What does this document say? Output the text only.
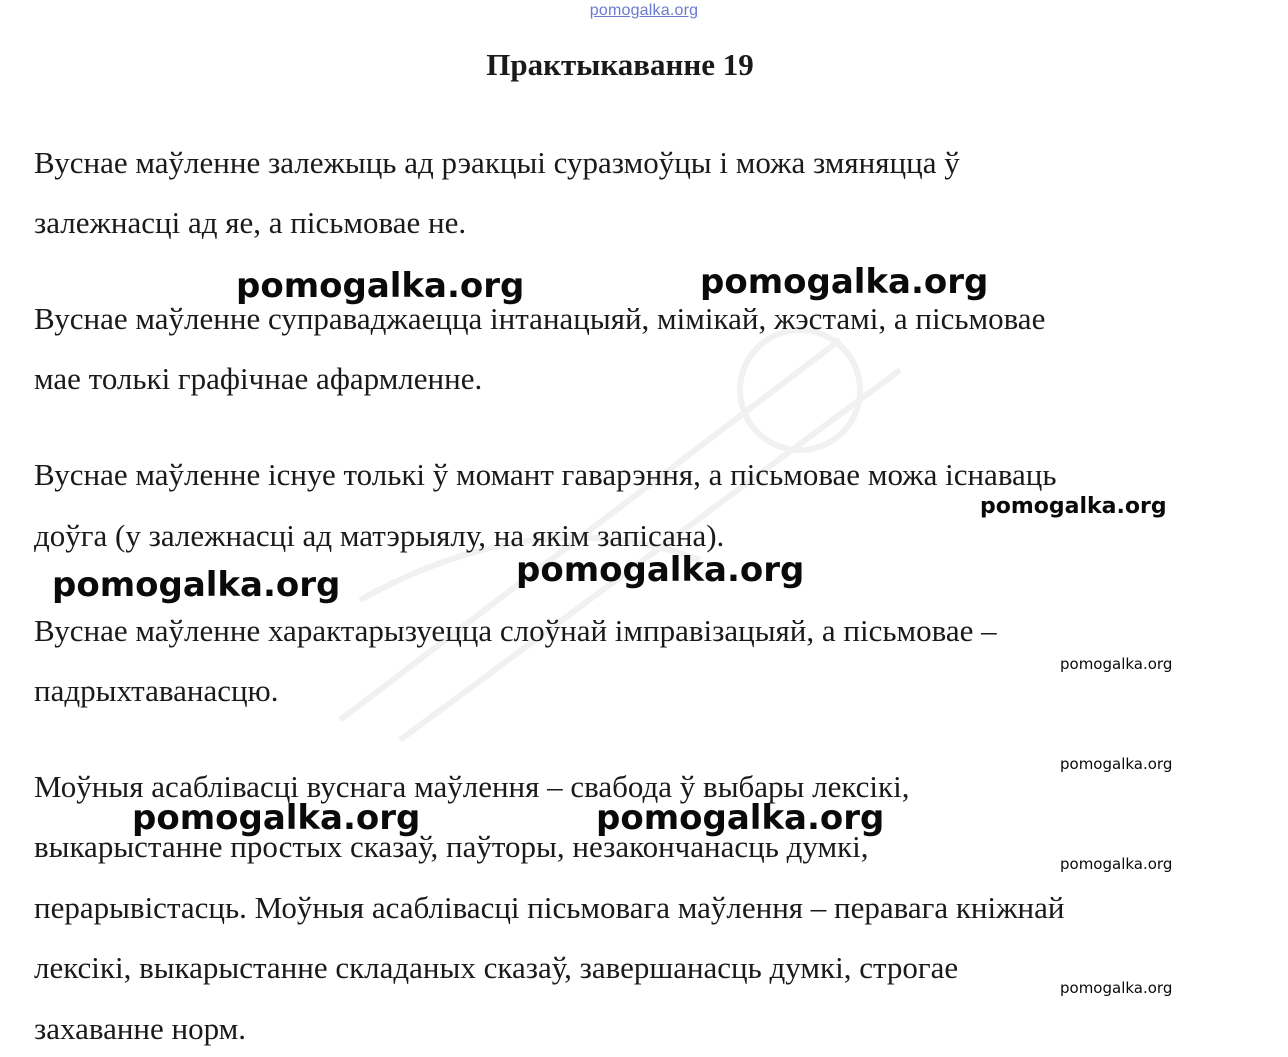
pomogalka.org
Практыкаванне 19

Вуснае маўленне залежыць ад рэакцыі суразмоўцы і можа змяняцца ў

залежнасці ад яе, а пісьмовае не.

Вуснае маўленне суправаджаецца інтанацыяй, мімікай, жэстамі, а пісьмовае

мае толькі графічнае афармленне.

Вуснае маўленне існуе толькі ў момант гаварэння, а пісьмовае можа існаваць

доўга (у залежнасці ад матэрыялу, на якім запісана).

Вуснае маўленне характарызуецца слоўнай імправізацыяй, а пісьмовае –

падрыхтаванасцю.

Моўныя асаблівасці вуснага маўлення – свабода ў выбары лексікі,

выкарыстанне простых сказаў, паўторы, незакончанасць думкі,

перарывістасць. Моўныя асаблівасці пісьмовага маўлення – перавага кніжнай

лексікі, выкарыстанне складаных сказаў, завершанасць думкі, строгае

захаванне норм.

pomogalka.org	pomogalka.org
pomogalka.org
pomogalka.org	pomogalka.org
pomogalka.org
pomogalka.org
pomogalka.org	pomogalka.org
pomogalka.org
pomogalka.org
